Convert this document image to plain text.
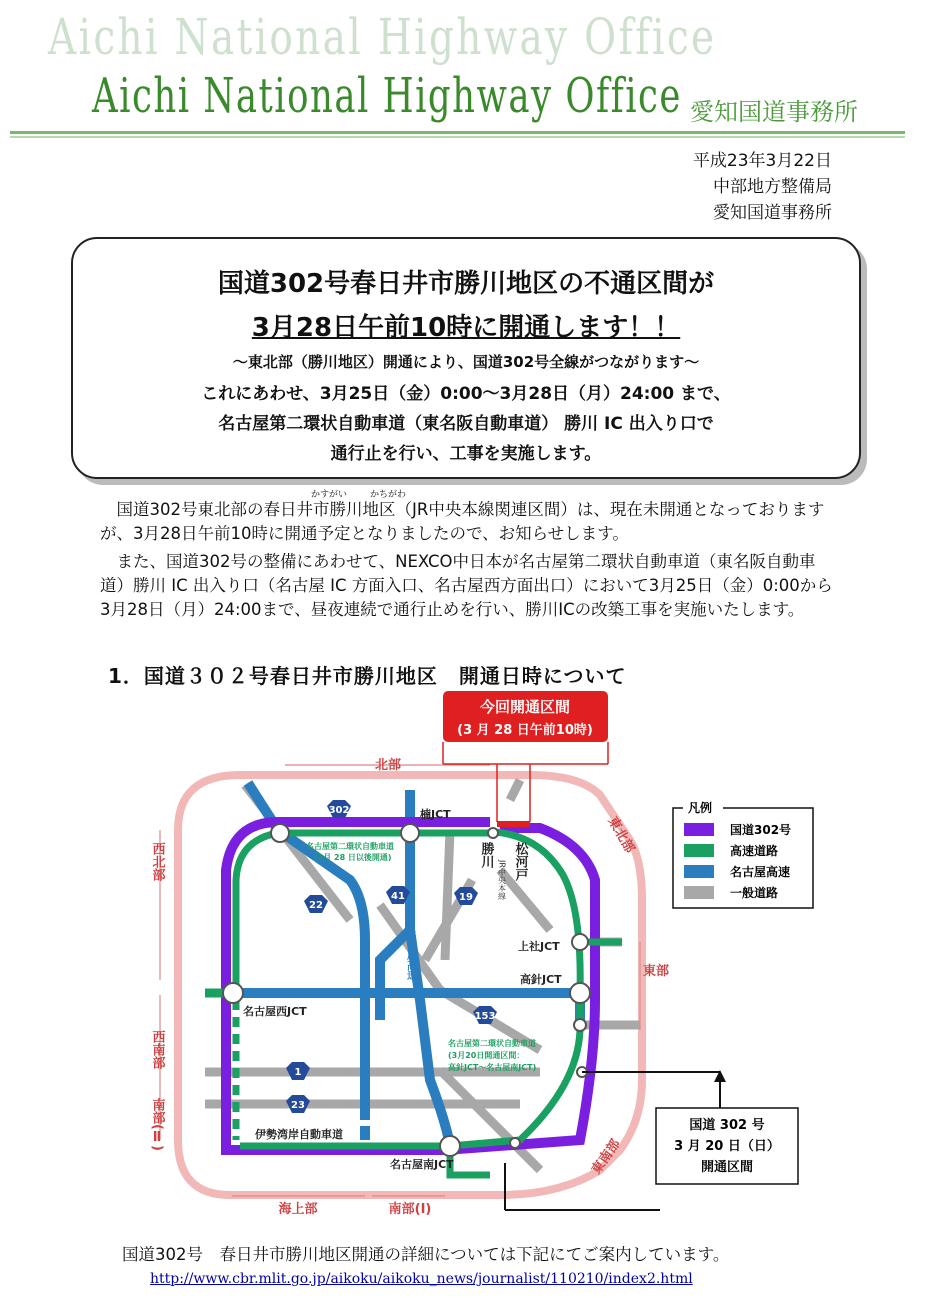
Aichi National Highway Office
Aichi National Highway Office 愛知国道事務所
平成23年3月22日
中部地方整備局
愛知国道事務所
国道302号春日井市勝川地区の不通区間が
3月28日午前10時に開通します！！
～東北部（勝川地区）開通により、国道302号全線がつながります～
これにあわせ、3月25日（金）0:00～3月28日（月）24:00 まで、
名古屋第二環状自動車道（東名阪自動車道） 勝川 IC 出入り口で
通行止を行い、工事を実施します。
かすがい	かちがわ

国道302号東北部の春日井市勝川地区（JR中央本線関連区間）は、現在未開通となっておりますが、3月28日午前10時に開通予定となりましたので、お知らせします。

また、国道302号の整備にあわせて、NEXCO中日本が名古屋第二環状自動車道（東名阪自動車道）勝川 IC 出入り口（名古屋 IC 方面入口、名古屋西方面出口）において3月25日（金）0:00から3月28日（月）24:00まで、昼夜連続で通行止めを行い、勝川ICの改築工事を実施いたします。

1．国道３０２号春日井市勝川地区　開通日時について
302
22
41	19
153
1
23
今回開通区間
(3 月 28 日午前10時)
北部
東北部
東部
東南部
海上部	南部(Ⅰ)
西北部
西南部
南部(Ⅱ)
楠JCT
上社JCT
高針JCT
名古屋西JCT
伊勢湾岸自動車道
名古屋南JCT
勝川 松河戸
JR中央本線
名古屋高速
名古屋第二環状自動車道
(3月 28 日以後開通)
名古屋第二環状自動車道
(3月20日開通区間：
高針JCT～名古屋南JCT)
凡例
国道302号
高速道路
名古屋高速
一般道路
国道 302 号
3 月 20 日（日）
開通区間
国道302号　春日井市勝川地区開通の詳細については下記にてご案内しています。
http://www.cbr.mlit.go.jp/aikoku/aikoku_news/journalist/110210/index2.html
